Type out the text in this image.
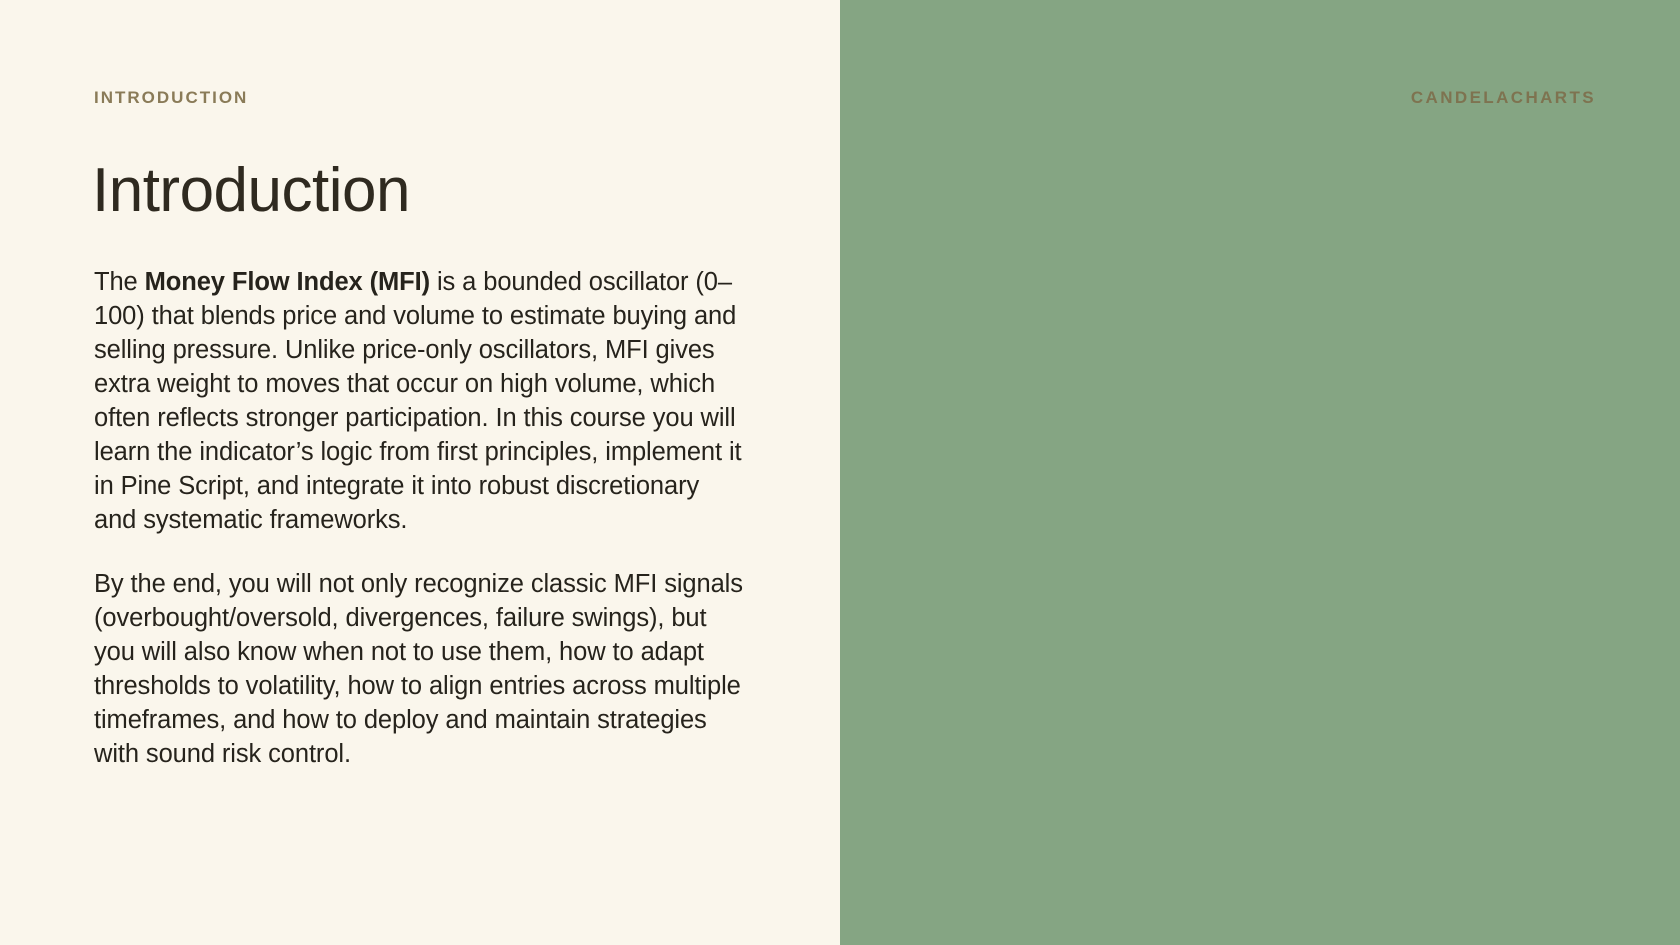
INTRODUCTION
Introduction

The Money Flow Index (MFI) is a bounded oscillator (0–100) that blends price and volume to estimate buying and selling pressure. Unlike price-only oscillators, MFI gives extra weight to moves that occur on high volume, which often reflects stronger participation. In this course you will learn the indicator’s logic from first principles, implement it in Pine Script, and integrate it into robust discretionary and systematic frameworks.

By the end, you will not only recognize classic MFI signals (overbought/oversold, divergences, failure swings), but you will also know when not to use them, how to adapt thresholds to volatility, how to align entries across multiple timeframes, and how to deploy and maintain strategies with sound risk control.

CANDELACHARTS
